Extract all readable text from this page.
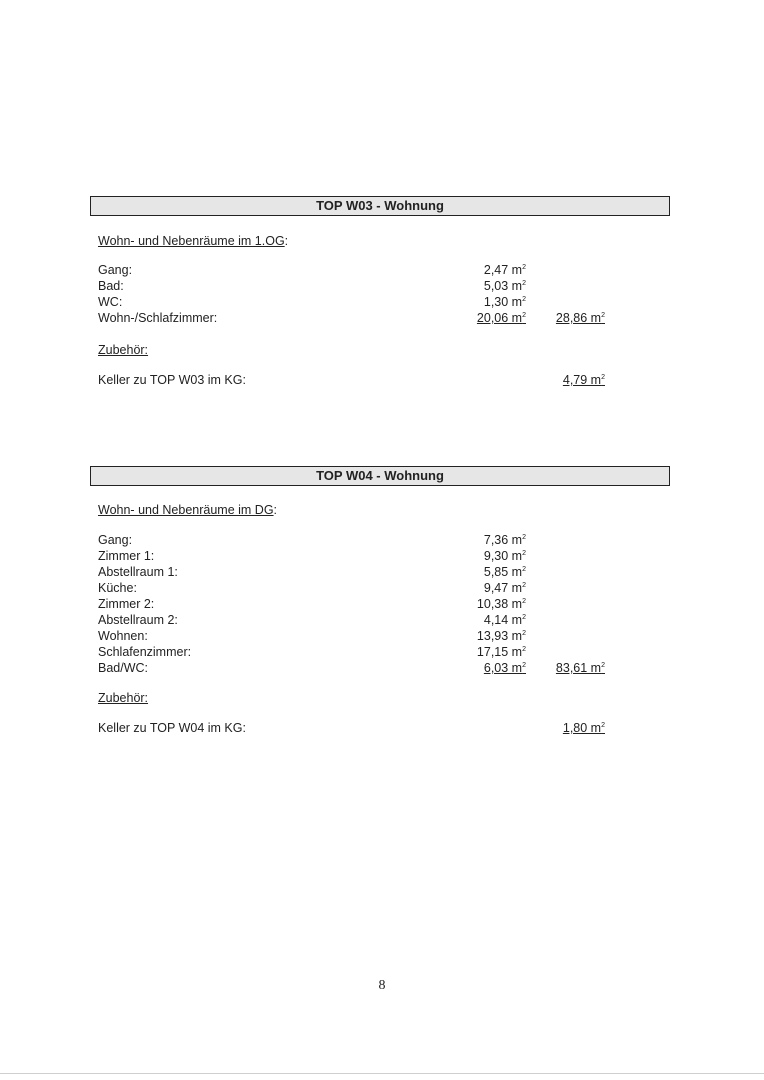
TOP W03 - Wohnung
Wohn- und Nebenräume im 1.OG:
Gang:	2,47 $m^2$
Bad:	5,03 $m^2$
WC:	1,30 $m^2$
Wohn-/Schlafzimmer:	20,06 $m^2$ 28,86 $m^2$
Zubehör:
Keller zu TOP W03 im KG:	4,79 $m^2$
TOP W04 - Wohnung
Wohn- und Nebenräume im DG:
Gang:	7,36 $m^2$
Zimmer 1:	9,30 $m^2$
Abstellraum 1:	5,85 $m^2$
Küche:	9,47 $m^2$
Zimmer 2:	10,38 $m^2$
Abstellraum 2:	4,14 $m^2$
Wohnen:	13,93 $m^2$
Schlafenzimmer:	17,15 $m^2$
Bad/WC:	6,03 $m^2$ 83,61 $m^2$
Zubehör:
Keller zu TOP W04 im KG:	1,80 $m^2$
8
